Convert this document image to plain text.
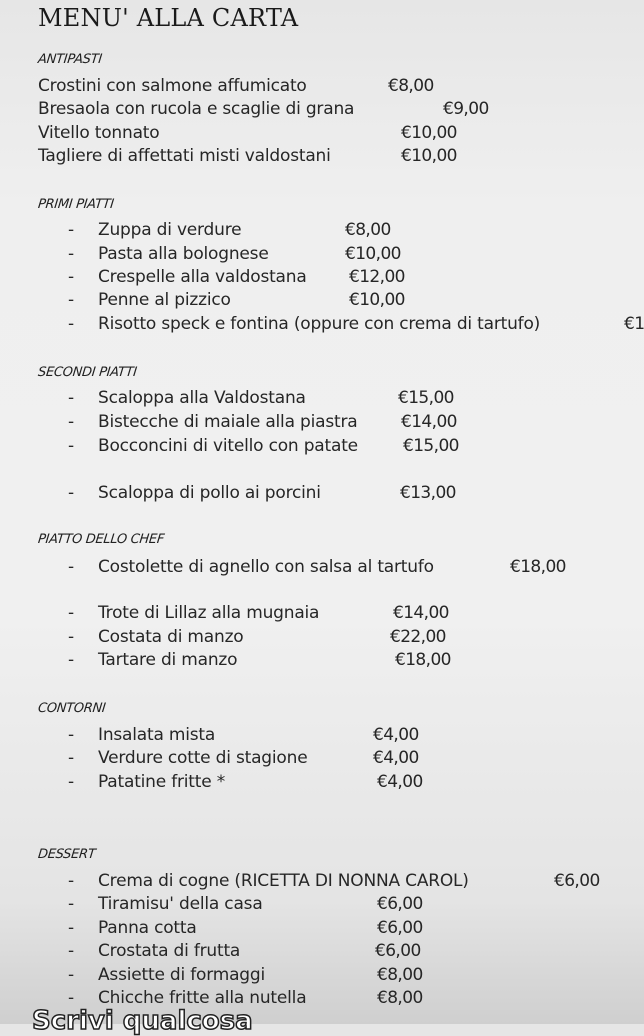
MENU' ALLA CARTA
ANTIPASTI
Crostini con salmone affumicato	€8,00
Bresaola con rucola e scaglie di grana	€9,00
Vitello tonnato	€10,00
Tagliere di affettati misti valdostani	€10,00
PRIMI PIATTI
- Zuppa di verdure	€8,00
- Pasta alla bolognese	€10,00
- Crespelle alla valdostana €12,00
- Penne al pizzico	€10,00
- Risotto speck e fontina (oppure con crema di tartufo)	€1
SECONDI PIATTI
- Scaloppa alla Valdostana	€15,00
- Bistecche di maiale alla piastra	€14,00
- Bocconcini di vitello con patate	€15,00
- Scaloppa di pollo ai porcini	€13,00
PIATTO DELLO CHEF
- Costolette di agnello con salsa al tartufo	€18,00
- Trote di Lillaz alla mugnaia	€14,00
- Costata di manzo	€22,00
- Tartare di manzo	€18,00
CONTORNI
- Insalata mista	€4,00
- Verdure cotte di stagione	€4,00
- Patatine fritte *	€4,00
DESSERT
- Crema di cogne (RICETTA DI NONNA CAROL)	€6,00
- Tiramisu' della casa	€6,00
- Panna cotta	€6,00
- Crostata di frutta	€6,00
- Assiette di formaggi	€8,00
- Chicche fritte alla nutella	€8,00
Scrivi qualcosa
